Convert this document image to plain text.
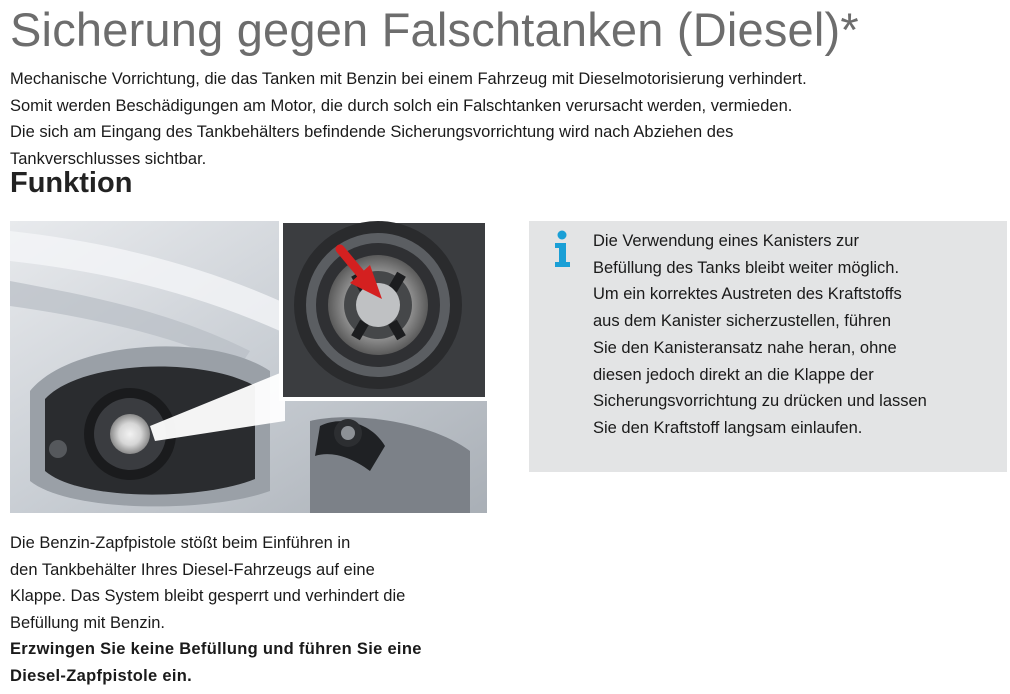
Sicherung gegen Falschtanken (Diesel)*
Mechanische Vorrichtung, die das Tanken mit Benzin bei einem Fahrzeug mit Dieselmotorisierung verhindert.
Somit werden Beschädigungen am Motor, die durch solch ein Falschtanken verursacht werden, vermieden.
Die sich am Eingang des Tankbehälters befindende Sicherungsvorrichtung wird nach Abziehen des
Tankverschlusses sichtbar.
Funktion
Die Benzin-Zapfpistole stößt beim Einführen in
den Tankbehälter Ihres Diesel-Fahrzeugs auf eine
Klappe. Das System bleibt gesperrt und verhindert die
Befüllung mit Benzin.
Erzwingen Sie keine Befüllung und führen Sie eine
Diesel-Zapfpistole ein.
Die Verwendung eines Kanisters zur
Befüllung des Tanks bleibt weiter möglich.
Um ein korrektes Austreten des Kraftstoffs
aus dem Kanister sicherzustellen, führen
Sie den Kanisteransatz nahe heran, ohne
diesen jedoch direkt an die Klappe der
Sicherungsvorrichtung zu drücken und lassen
Sie den Kraftstoff langsam einlaufen.
